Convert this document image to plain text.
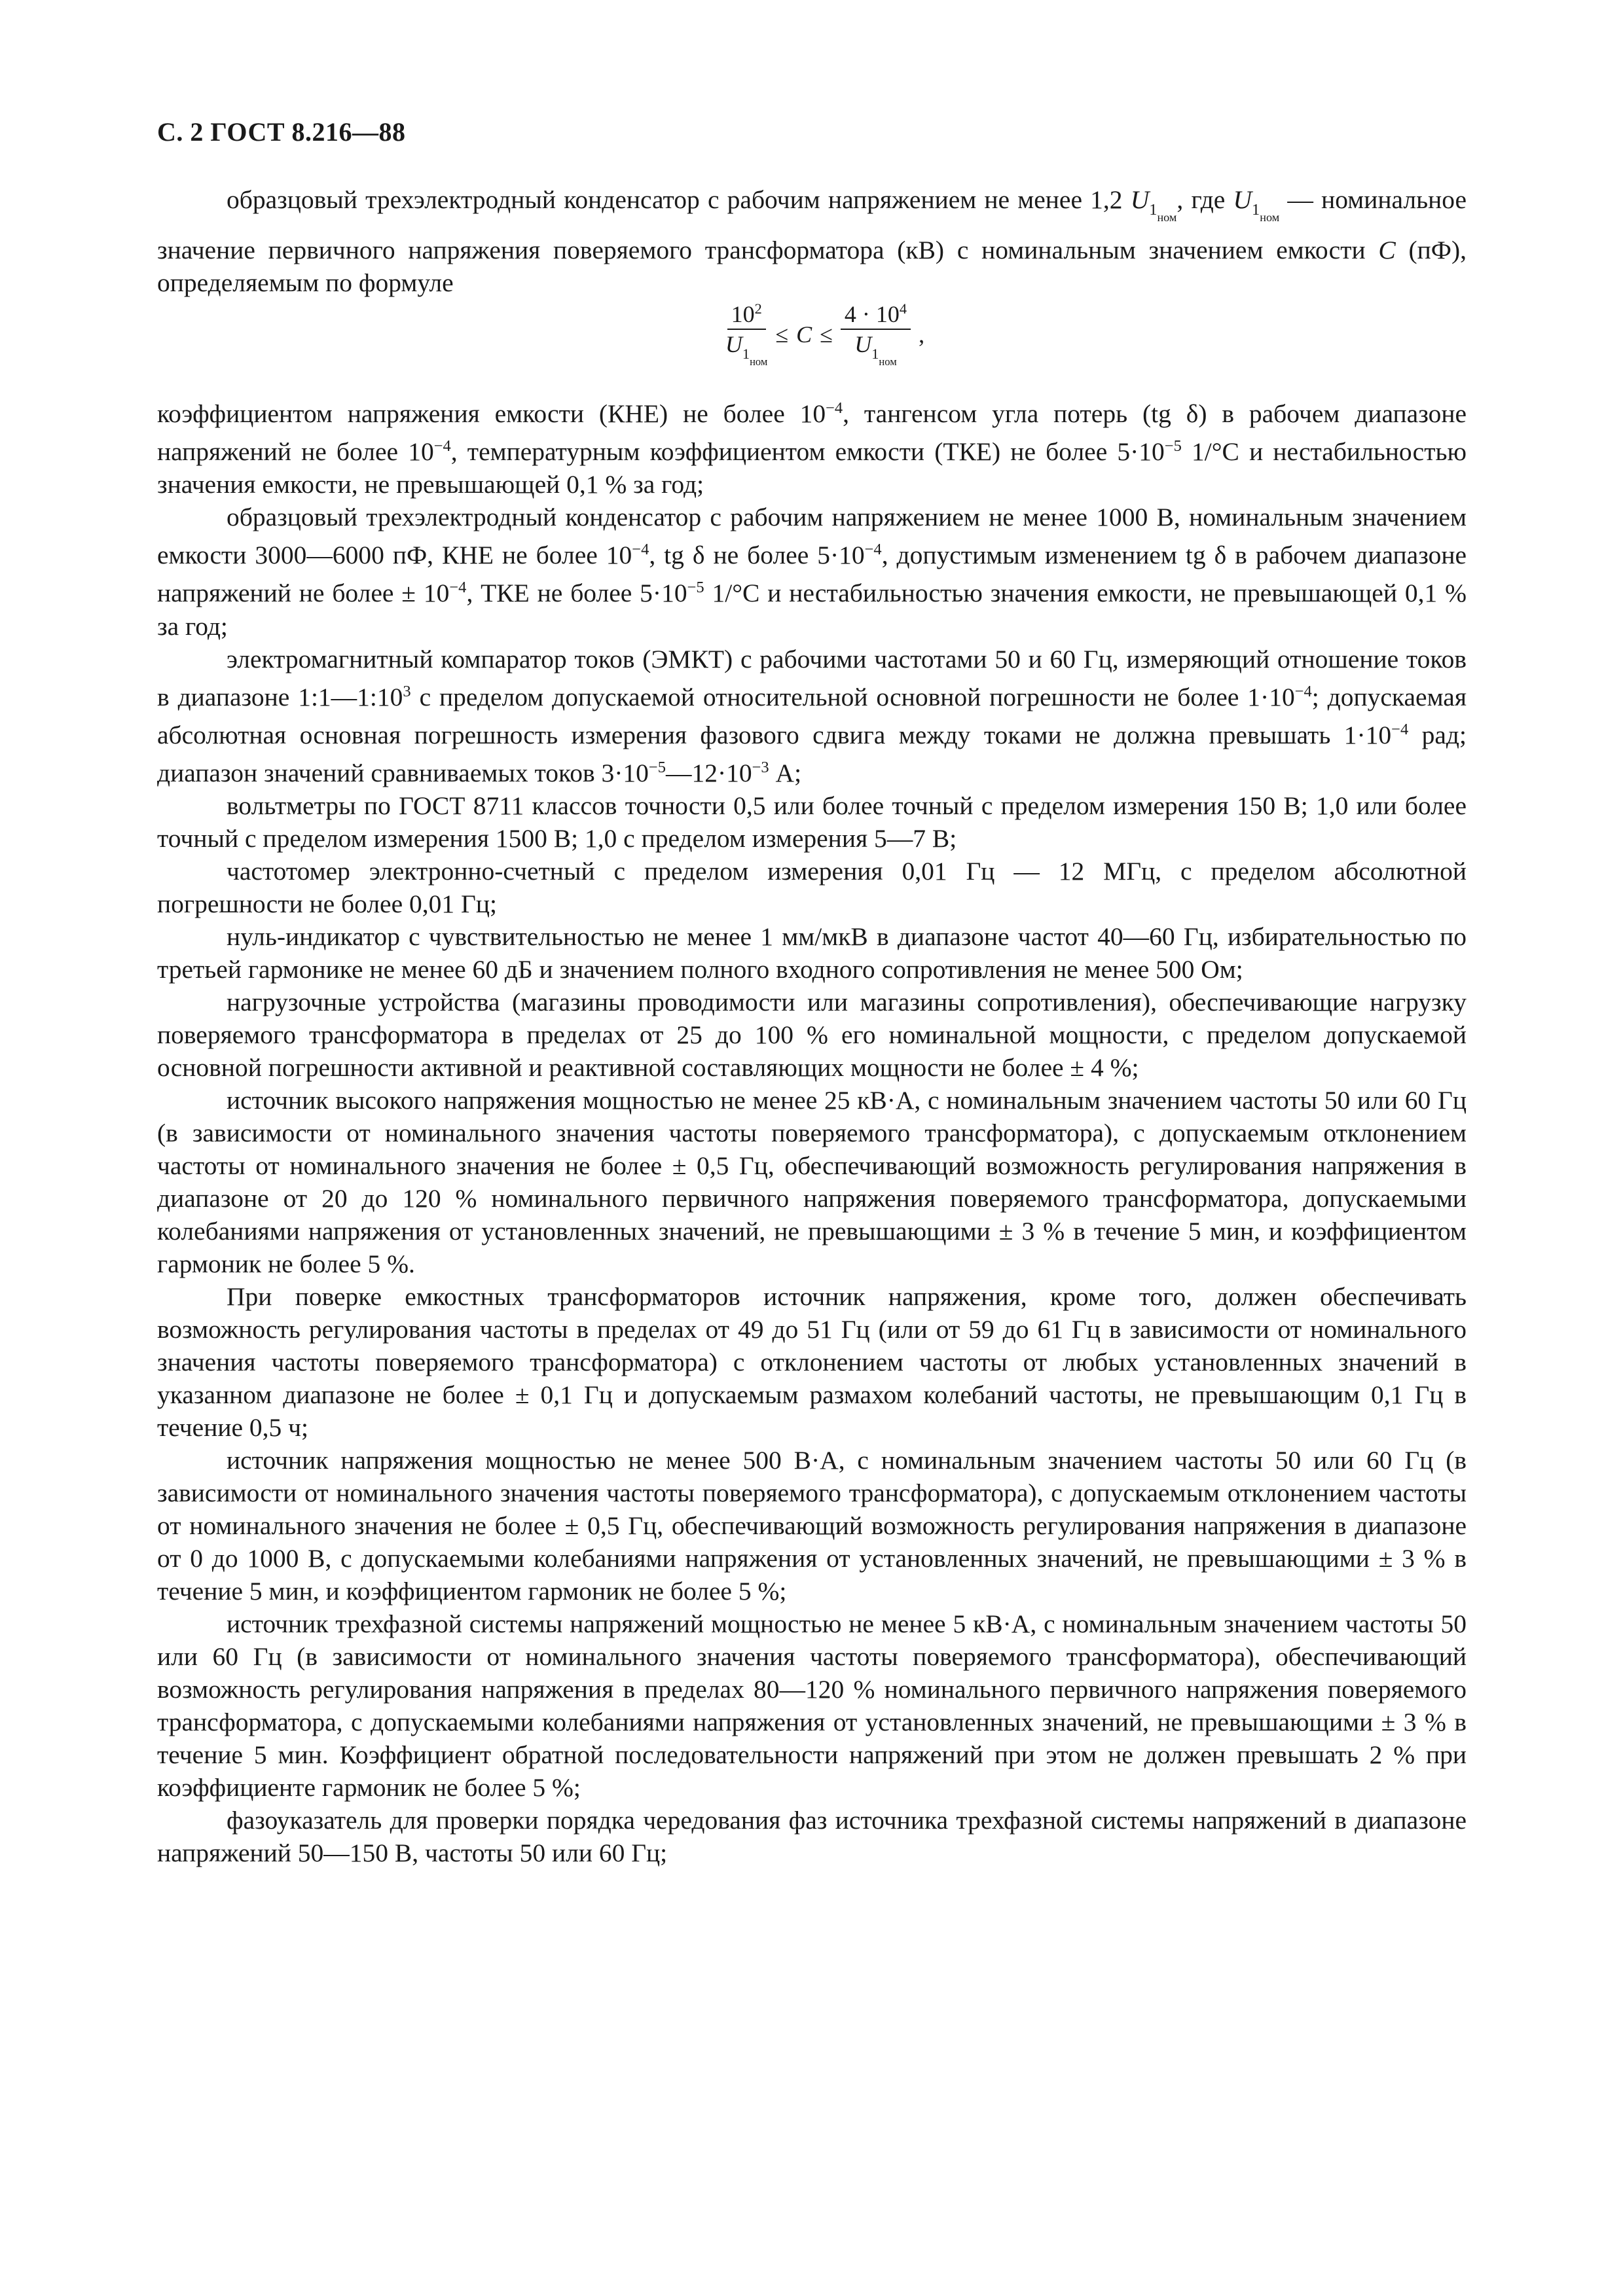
С. 2 ГОСТ 8.216—88

образцовый трехэлектродный конденсатор с рабочим напряжением не менее 1,2 $U_{1ном}$, где $U_{1ном}$ — номинальное значение первичного напряжения поверяемого трансформатора (кВ) с номинальным значением емкости C (пФ), определяемым по формуле

$\frac{10^2}{U_{1ном}} \le C \le \frac{4 \cdot 10^4}{U_{1ном}}$ ,

коэффициентом напряжения емкости (КНЕ) не более $10^{-4}$, тангенсом угла потерь (tg δ) в рабочем диапазоне напряжений не более $10^{-4}$, температурным коэффициентом емкости (ТКЕ) не более $5\cdot 10^{-5}$ 1/°С и нестабильностью значения емкости, не превышающей 0,1 % за год;

образцовый трехэлектродный конденсатор с рабочим напряжением не менее 1000 В, номинальным значением емкости 3000—6000 пФ, КНЕ не более $10^{-4}$, tg δ не более $5\cdot 10^{-4}$, допустимым изменением tg δ в рабочем диапазоне напряжений не более ± $10^{-4}$, ТКЕ не более $5\cdot 10^{-5}$ 1/°С и нестабильностью значения емкости, не превышающей 0,1 % за год;

электромагнитный компаратор токов (ЭМКТ) с рабочими частотами 50 и 60 Гц, измеряющий отношение токов в диапазоне $1:1—1:10^3$ с пределом допускаемой относительной основной погрешности не более $1\cdot 10^{-4}$; допускаемая абсолютная основная погрешность измерения фазового сдвига между токами не должна превышать $1\cdot 10^{-4}$ рад; диапазон значений сравниваемых токов $3\cdot 10^{-5}—12\cdot 10^{-3}$ А;

вольтметры по ГОСТ 8711 классов точности 0,5 или более точный с пределом измерения 150 В; 1,0 или более точный с пределом измерения 1500 В; 1,0 с пределом измерения 5—7 В;

частотомер электронно-счетный с пределом измерения 0,01 Гц — 12 МГц, с пределом абсолютной погрешности не более 0,01 Гц;

нуль-индикатор с чувствительностью не менее 1 мм/мкВ в диапазоне частот 40—60 Гц, избирательностью по третьей гармонике не менее 60 дБ и значением полного входного сопротивления не менее 500 Ом;

нагрузочные устройства (магазины проводимости или магазины сопротивления), обеспечивающие нагрузку поверяемого трансформатора в пределах от 25 до 100 % его номинальной мощности, с пределом допускаемой основной погрешности активной и реактивной составляющих мощности не более ± 4 %;

источник высокого напряжения мощностью не менее 25 кВ·А, с номинальным значением частоты 50 или 60 Гц (в зависимости от номинального значения частоты поверяемого трансформатора), с допускаемым отклонением частоты от номинального значения не более ± 0,5 Гц, обеспечивающий возможность регулирования напряжения в диапазоне от 20 до 120 % номинального первичного напряжения поверяемого трансформатора, допускаемыми колебаниями напряжения от установленных значений, не превышающими ± 3 % в течение 5 мин, и коэффициентом гармоник не более 5 %.

При поверке емкостных трансформаторов источник напряжения, кроме того, должен обеспечивать возможность регулирования частоты в пределах от 49 до 51 Гц (или от 59 до 61 Гц в зависимости от номинального значения частоты поверяемого трансформатора) с отклонением частоты от любых установленных значений в указанном диапазоне не более ± 0,1 Гц и допускаемым размахом колебаний частоты, не превышающим 0,1 Гц в течение 0,5 ч;

источник напряжения мощностью не менее 500 В·А, с номинальным значением частоты 50 или 60 Гц (в зависимости от номинального значения частоты поверяемого трансформатора), с допускаемым отклонением частоты от номинального значения не более ± 0,5 Гц, обеспечивающий возможность регулирования напряжения в диапазоне от 0 до 1000 В, с допускаемыми колебаниями напряжения от установленных значений, не превышающими ± 3 % в течение 5 мин, и коэффициентом гармоник не более 5 %;

источник трехфазной системы напряжений мощностью не менее 5 кВ·А, с номинальным значением частоты 50 или 60 Гц (в зависимости от номинального значения частоты поверяемого трансформатора), обеспечивающий возможность регулирования напряжения в пределах 80—120 % номинального первичного напряжения поверяемого трансформатора, с допускаемыми колебаниями напряжения от установленных значений, не превышающими ± 3 % в течение 5 мин. Коэффициент обратной последовательности напряжений при этом не должен превышать 2 % при коэффициенте гармоник не более 5 %;

фазоуказатель для проверки порядка чередования фаз источника трехфазной системы напряжений в диапазоне напряжений 50—150 В, частоты 50 или 60 Гц;
